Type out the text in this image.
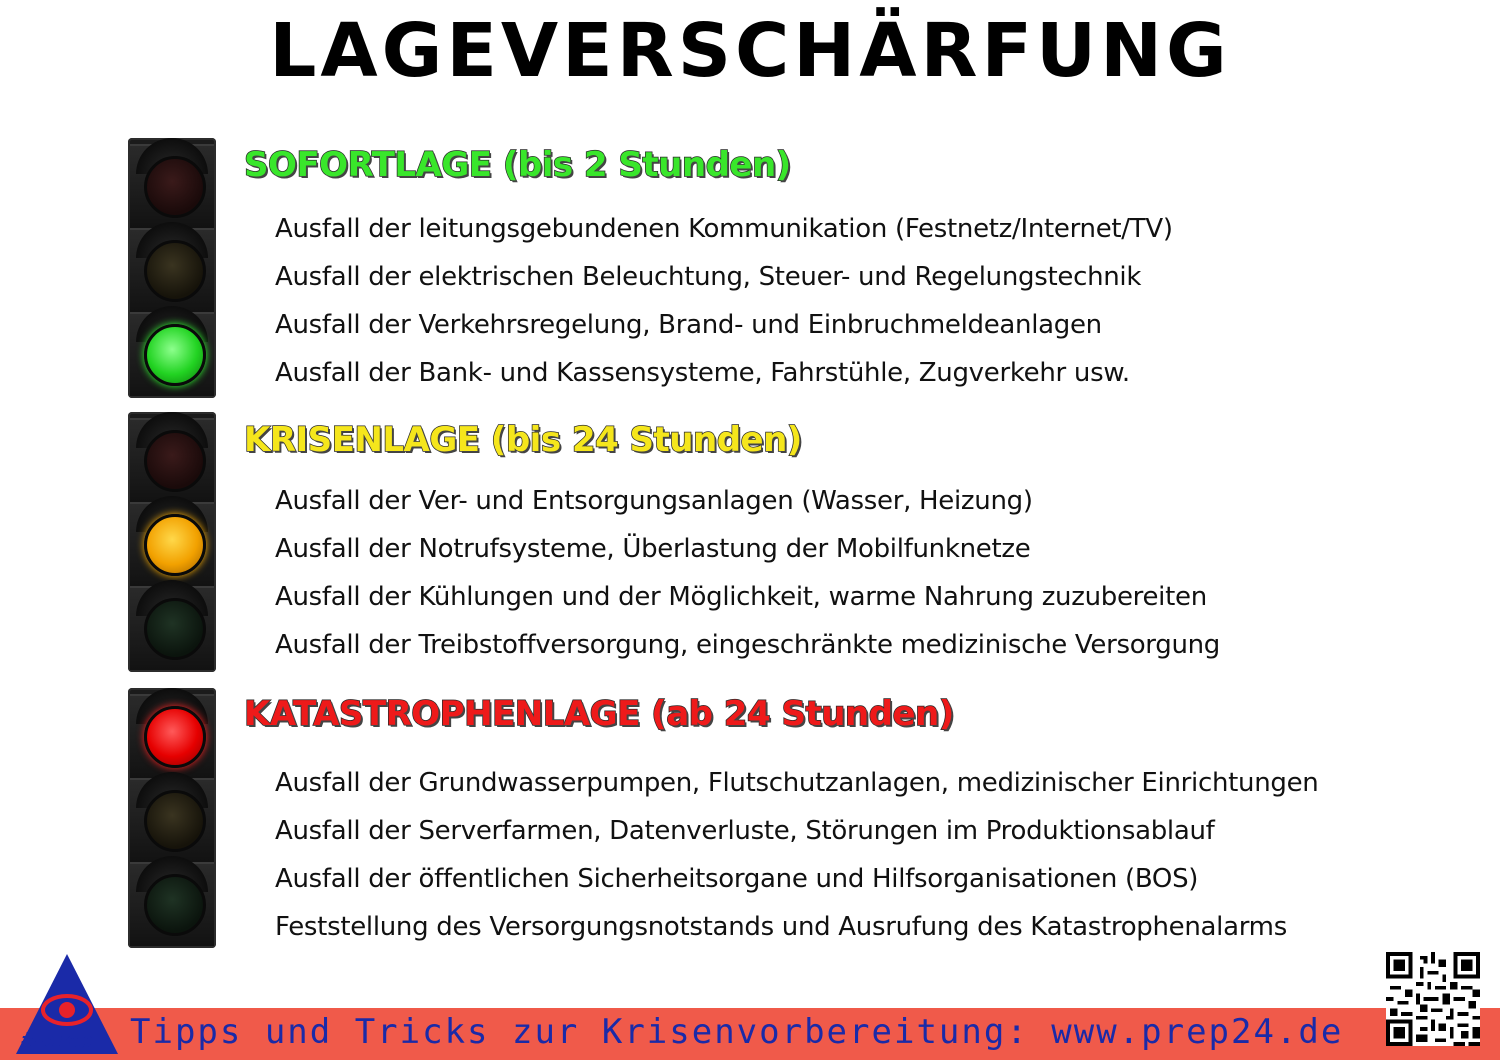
LAGEVERSCHÄRFUNG
SOFORTLAGE (bis 2 Stunden)
Ausfall der leitungsgebundenen Kommunikation (Festnetz/Internet/TV)
Ausfall der elektrischen Beleuchtung, Steuer- und Regelungstechnik
Ausfall der Verkehrsregelung, Brand- und Einbruchmeldeanlagen
Ausfall der Bank- und Kassensysteme, Fahrstühle, Zugverkehr usw.
KRISENLAGE (bis 24 Stunden)
Ausfall der Ver- und Entsorgungsanlagen (Wasser, Heizung)
Ausfall der Notrufsysteme, Überlastung der Mobilfunknetze
Ausfall der Kühlungen und der Möglichkeit, warme Nahrung zuzubereiten
Ausfall der Treibstoffversorgung, eingeschränkte medizinische Versorgung
KATASTROPHENLAGE (ab 24 Stunden)
Ausfall der Grundwasserpumpen, Flutschutzanlagen, medizinischer Einrichtungen
Ausfall der Serverfarmen, Datenverluste, Störungen im Produktionsablauf
Ausfall der öffentlichen Sicherheitsorgane und Hilfsorganisationen (BOS)
Feststellung des Versorgungsnotstands und Ausrufung des Katastrophenalarms
Tipps und Tricks zur Krisenvorbereitung: www.prep24.de
#iprep
